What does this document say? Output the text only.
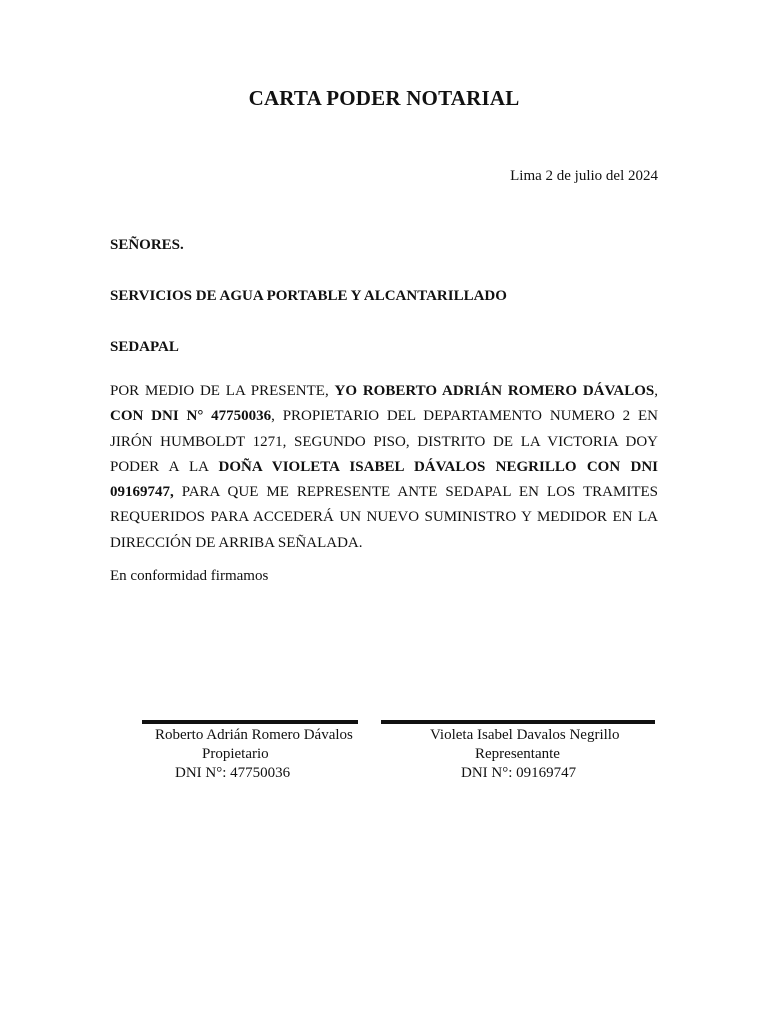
CARTA PODER NOTARIAL
Lima 2 de julio del 2024
SEÑORES.
SERVICIOS DE AGUA PORTABLE Y ALCANTARILLADO
SEDAPAL
POR MEDIO DE LA PRESENTE, YO ROBERTO ADRIÁN ROMERO DÁVALOS, CON DNI N° 47750036, PROPIETARIO DEL DEPARTAMENTO NUMERO 2 EN JIRÓN HUMBOLDT 1271, SEGUNDO PISO, DISTRITO DE LA VICTORIA DOY PODER A LA DOÑA VIOLETA ISABEL DÁVALOS NEGRILLO CON DNI 09169747, PARA QUE ME REPRESENTE ANTE SEDAPAL EN LOS TRAMITES REQUERIDOS PARA ACCEDERÁ UN NUEVO SUMINISTRO Y MEDIDOR EN LA DIRECCIÓN DE ARRIBA SEÑALADA.
En conformidad firmamos
Roberto Adrián Romero Dávalos
Propietario
DNI N°: 47750036
Violeta Isabel Davalos Negrillo
Representante
DNI N°: 09169747
